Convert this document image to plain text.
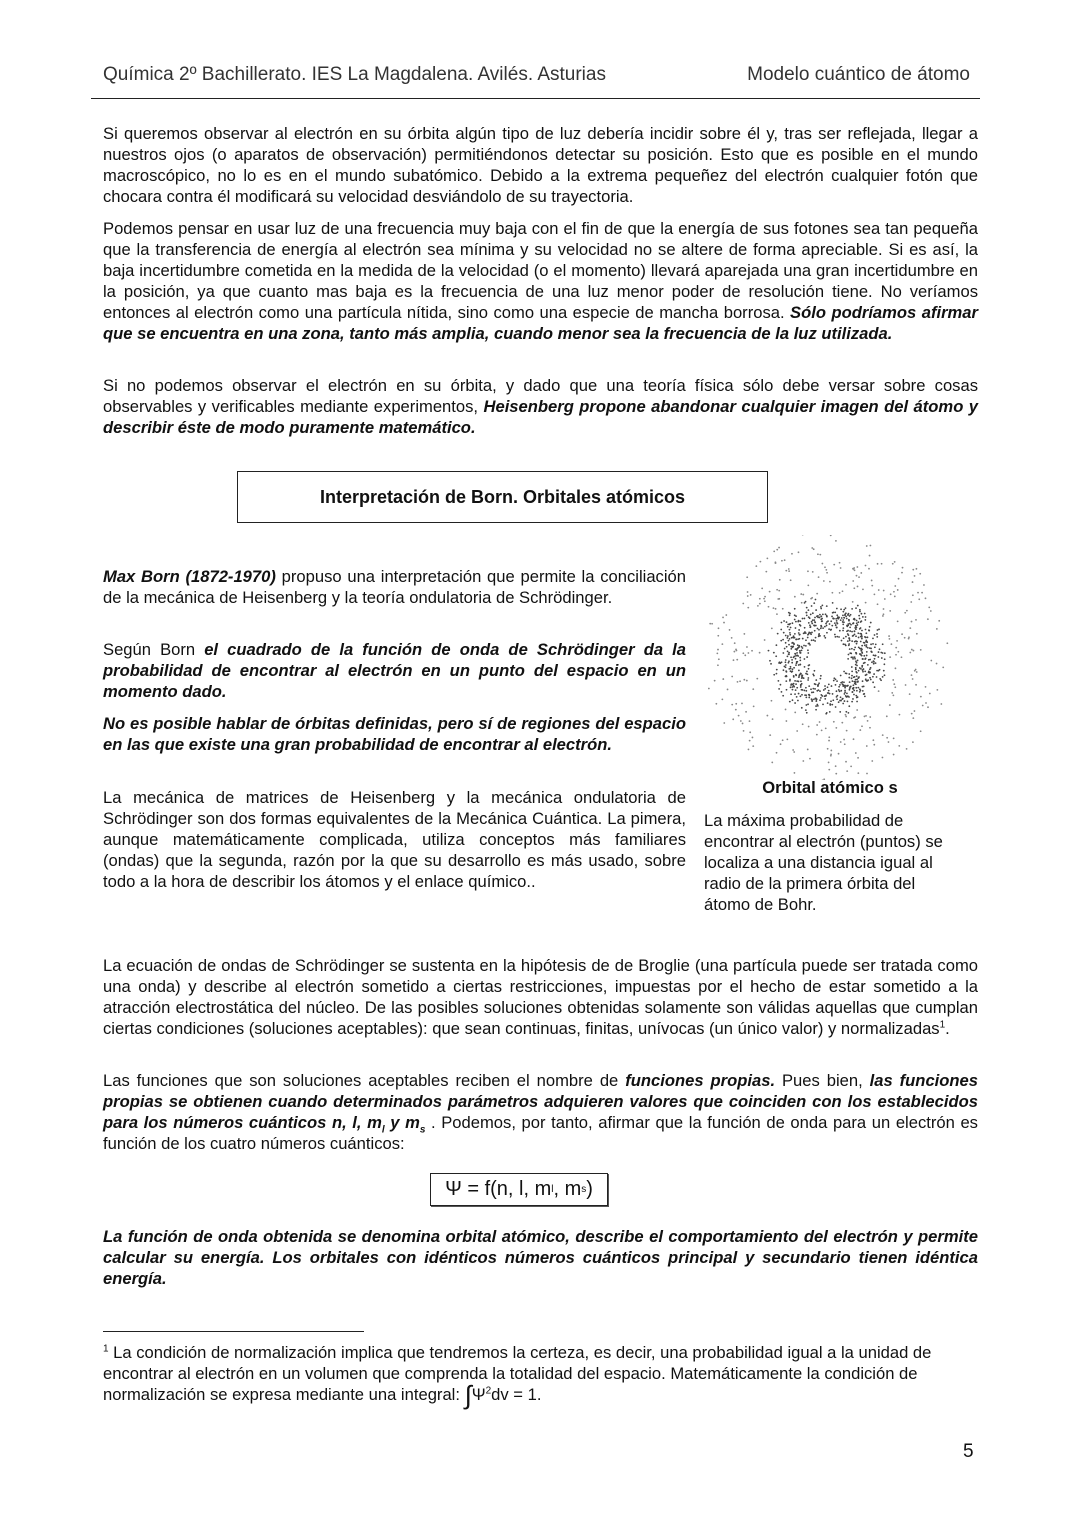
Química 2º Bachillerato. IES La Magdalena. Avilés. Asturias	Modelo cuántico de átomo

Si queremos observar al electrón en su órbita algún tipo de luz debería incidir sobre él y, tras ser reflejada, llegar a nuestros ojos (o aparatos de observación) permitiéndonos detectar su posición. Esto que es posible en el mundo macroscópico, no lo es en el mundo subatómico. Debido a la extrema pequeñez del electrón cualquier fotón que chocara contra él modificará su velocidad desviándolo de su trayectoria.

Podemos pensar en usar luz de una frecuencia muy baja con el fin de que la energía de sus fotones sea tan pequeña que la transferencia de energía al electrón sea mínima y su velocidad no se altere de forma apreciable. Si es así, la baja incertidumbre cometida en la medida de la velocidad (o el momento) llevará aparejada una gran incertidumbre en la posición, ya que cuanto mas baja es la frecuencia de una luz menor poder de resolución tiene. No veríamos entonces al electrón como una partícula nítida, sino como una especie de mancha borrosa. Sólo podríamos afirmar que se encuentra en una zona, tanto más amplia, cuando menor sea la frecuencia de la luz utilizada.

Si no podemos observar el electrón en su órbita, y dado que una teoría física sólo debe versar sobre cosas observables y verificables mediante experimentos, Heisenberg propone abandonar cualquier imagen del átomo y describir éste de modo puramente matemático.

Interpretación de Born. Orbitales atómicos

Max Born (1872-1970) propuso una interpretación que permite la conciliación de la mecánica de Heisenberg y la teoría ondulatoria de Schrödinger.

Según Born el cuadrado de la función de onda de Schrödinger da la probabilidad de encontrar al electrón en un punto del espacio en un momento dado.

No es posible hablar de órbitas definidas, pero sí de regiones del espacio en las que existe una gran probabilidad de encontrar al electrón.

La mecánica de matrices de Heisenberg y la mecánica ondulatoria de Schrödinger son dos formas equivalentes de la Mecánica Cuántica. La pimera, aunque matemáticamente complicada, utiliza conceptos más familiares (ondas) que la segunda, razón por la que su desarrollo es más usado, sobre todo a la hora de describir los átomos y el enlace químico..

Orbital atómico s
La máxima probabilidad de encontrar al electrón (puntos) se localiza a una distancia igual al radio de la primera órbita del átomo de Bohr.

La ecuación de ondas de Schrödinger se sustenta en la hipótesis de de Broglie (una partícula puede ser tratada como una onda) y describe al electrón sometido a ciertas restricciones, impuestas por el hecho de estar sometido a la atracción electrostática del núcleo. De las posibles soluciones obtenidas solamente son válidas aquellas que cumplan ciertas condiciones (soluciones aceptables): que sean continuas, finitas, unívocas (un único valor) y normalizadas$^1$.

Las funciones que son soluciones aceptables reciben el nombre de funciones propias. Pues bien, las funciones propias se obtienen cuando determinados parámetros adquieren valores que coinciden con los establecidos para los números cuánticos n, l, $m_l$ y $m_s$ . Podemos, por tanto, afirmar que la función de onda para un electrón es función de los cuatro números cuánticos:

Ψ = f(n, l, m l , m s )

La función de onda obtenida se denomina orbital atómico, describe el comportamiento del electrón y permite calcular su energía. Los orbitales con idénticos números cuánticos principal y secundario tienen idéntica energía.

$^1$ La condición de normalización implica que tendremos la certeza, es decir, una probabilidad igual a la unidad de encontrar al electrón en un volumen que comprenda la totalidad del espacio. Matemáticamente la condición de normalización se expresa mediante una integral: $\int\Psi^2dv = 1$.
5
